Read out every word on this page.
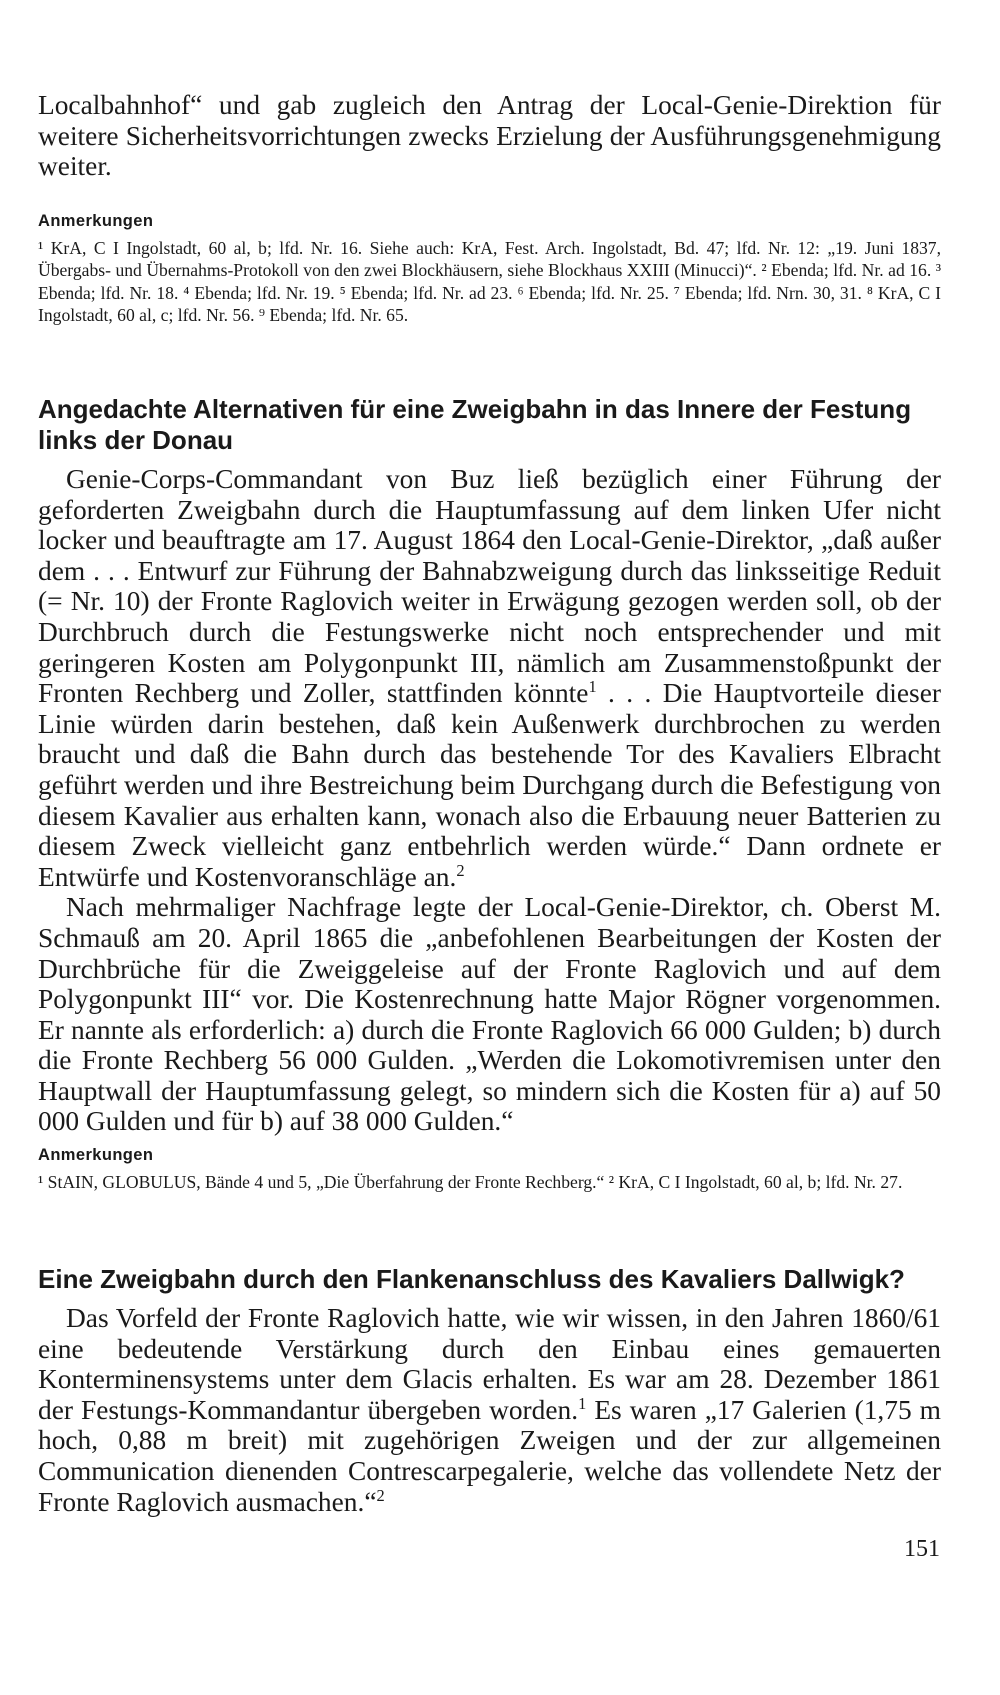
Localbahnhof“ und gab zugleich den Antrag der Local-Genie-Direktion für weitere Sicherheitsvorrichtungen zwecks Erzielung der Ausführungsgenehmigung weiter.

Anmerkungen

¹ KrA, C I Ingolstadt, 60 al, b; lfd. Nr. 16. Siehe auch: KrA, Fest. Arch. Ingolstadt, Bd. 47; lfd. Nr. 12: „19. Juni 1837, Übergabs- und Übernahms-Protokoll von den zwei Blockhäusern, siehe Blockhaus XXIII (Minucci)“. ² Ebenda; lfd. Nr. ad 16. ³ Ebenda; lfd. Nr. 18. ⁴ Ebenda; lfd. Nr. 19. ⁵ Ebenda; lfd. Nr. ad 23. ⁶ Ebenda; lfd. Nr. 25. ⁷ Ebenda; lfd. Nrn. 30, 31. ⁸ KrA, C I Ingolstadt, 60 al, c; lfd. Nr. 56. ⁹ Ebenda; lfd. Nr. 65.

Angedachte Alternativen für eine Zweigbahn in das Innere der Festung links der Donau

Genie-Corps-Commandant von Buz ließ bezüglich einer Führung der geforderten Zweigbahn durch die Hauptumfassung auf dem linken Ufer nicht locker und beauftragte am 17. August 1864 den Local-Genie-Direktor, „daß außer dem . . . Entwurf zur Führung der Bahnabzweigung durch das linksseitige Reduit (= Nr. 10) der Fronte Raglovich weiter in Erwägung gezogen werden soll, ob der Durchbruch durch die Festungswerke nicht noch entsprechender und mit geringeren Kosten am Polygonpunkt III, nämlich am Zusammenstoßpunkt der Fronten Rechberg und Zoller, stattfinden könnte$^1$ . . . Die Hauptvorteile dieser Linie würden darin bestehen, daß kein Außenwerk durchbrochen zu werden braucht und daß die Bahn durch das bestehende Tor des Kavaliers Elbracht geführt werden und ihre Bestreichung beim Durchgang durch die Befestigung von diesem Kavalier aus erhalten kann, wonach also die Erbauung neuer Batterien zu diesem Zweck vielleicht ganz entbehrlich werden würde.“ Dann ordnete er Entwürfe und Kostenvoranschläge an.$^2$

Nach mehrmaliger Nachfrage legte der Local-Genie-Direktor, ch. Oberst M. Schmauß am 20. April 1865 die „anbefohlenen Bearbeitungen der Kosten der Durchbrüche für die Zweiggeleise auf der Fronte Raglovich und auf dem Polygonpunkt III“ vor. Die Kostenrechnung hatte Major Rögner vorgenommen. Er nannte als erforderlich: a) durch die Fronte Raglovich 66 000 Gulden; b) durch die Fronte Rechberg 56 000 Gulden. „Werden die Lokomotivremisen unter den Hauptwall der Hauptumfassung gelegt, so mindern sich die Kosten für a) auf 50 000 Gulden und für b) auf 38 000 Gulden.“

Anmerkungen

¹ StAIN, GLOBULUS, Bände 4 und 5, „Die Überfahrung der Fronte Rechberg.“ ² KrA, C I Ingolstadt, 60 al, b; lfd. Nr. 27.

Eine Zweigbahn durch den Flankenanschluss des Kavaliers Dallwigk?

Das Vorfeld der Fronte Raglovich hatte, wie wir wissen, in den Jahren 1860/61 eine bedeutende Verstärkung durch den Einbau eines gemauerten Konterminensystems unter dem Glacis erhalten. Es war am 28. Dezember 1861 der Festungs-Kommandantur übergeben worden.$^1$ Es waren „17 Galerien (1,75 m hoch, 0,88 m breit) mit zugehörigen Zweigen und der zur allgemeinen Communication dienenden Contrescarpegalerie, welche das vollendete Netz der Fronte Raglovich ausmachen.“$^2$

151
